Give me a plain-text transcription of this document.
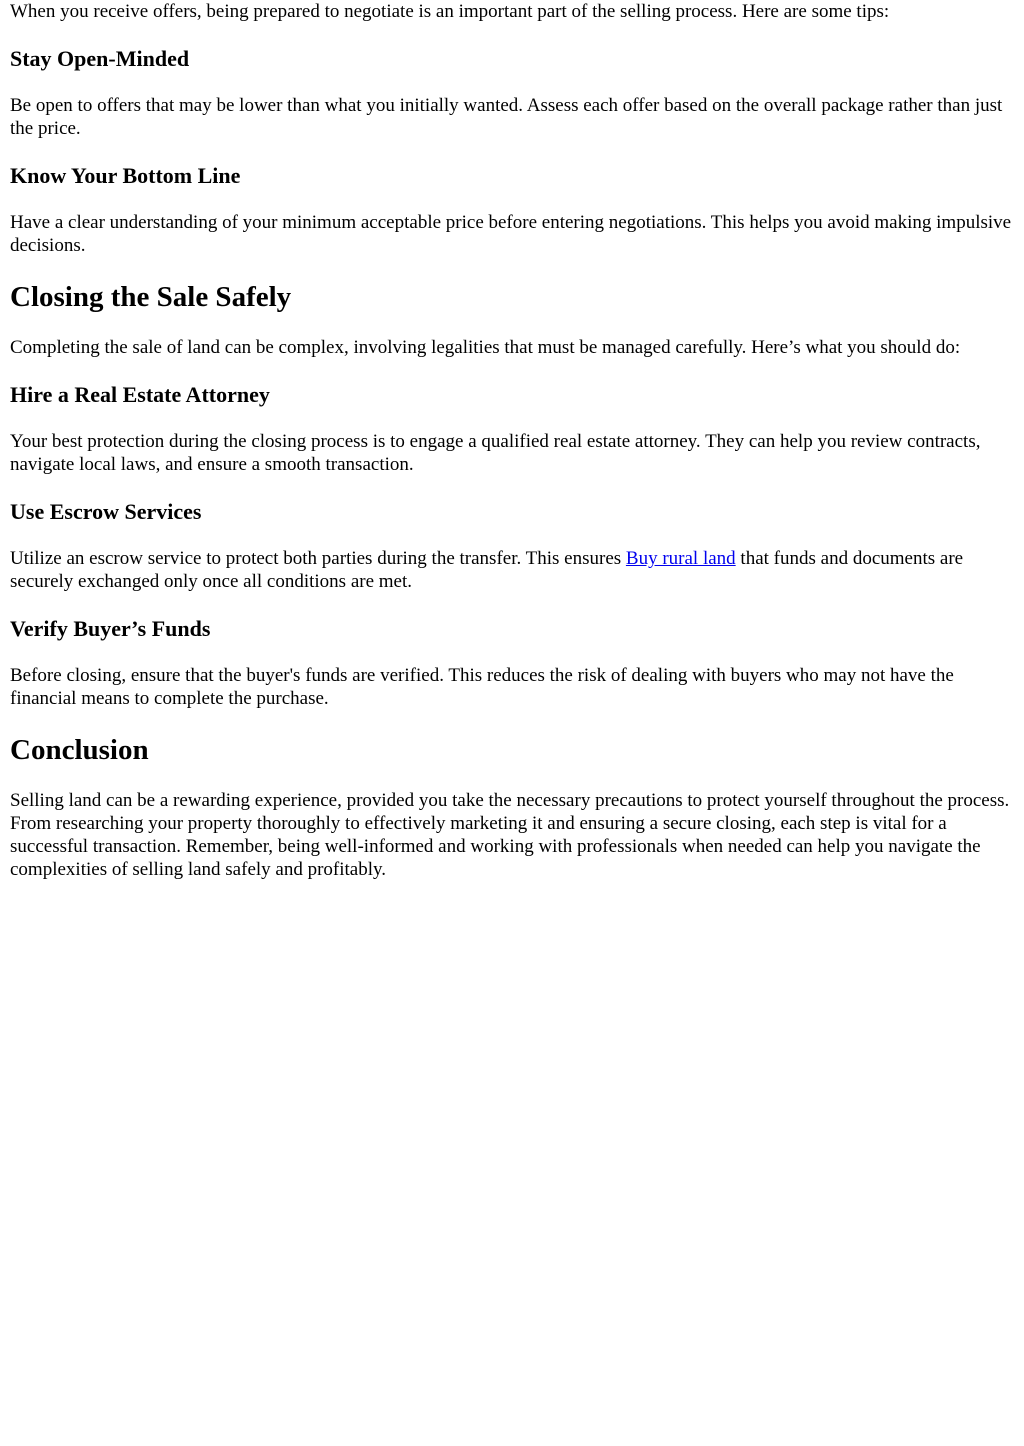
When you receive offers, being prepared to negotiate is an important part of the selling process. Here are some tips:

Stay Open-Minded

Be open to offers that may be lower than what you initially wanted. Assess each offer based on the overall package rather than just the price.

Know Your Bottom Line

Have a clear understanding of your minimum acceptable price before entering negotiations. This helps you avoid making impulsive decisions.

Closing the Sale Safely

Completing the sale of land can be complex, involving legalities that must be managed carefully. Here’s what you should do:

Hire a Real Estate Attorney

Your best protection during the closing process is to engage a qualified real estate attorney. They can help you review contracts, navigate local laws, and ensure a smooth transaction.

Use Escrow Services

Utilize an escrow service to protect both parties during the transfer. This ensures Buy rural land that funds and documents are securely exchanged only once all conditions are met.

Verify Buyer’s Funds

Before closing, ensure that the buyer's funds are verified. This reduces the risk of dealing with buyers who may not have the financial means to complete the purchase.

Conclusion

Selling land can be a rewarding experience, provided you take the necessary precautions to protect yourself throughout the process. From researching your property thoroughly to effectively marketing it and ensuring a secure closing, each step is vital for a successful transaction. Remember, being well-informed and working with professionals when needed can help you navigate the complexities of selling land safely and profitably.
